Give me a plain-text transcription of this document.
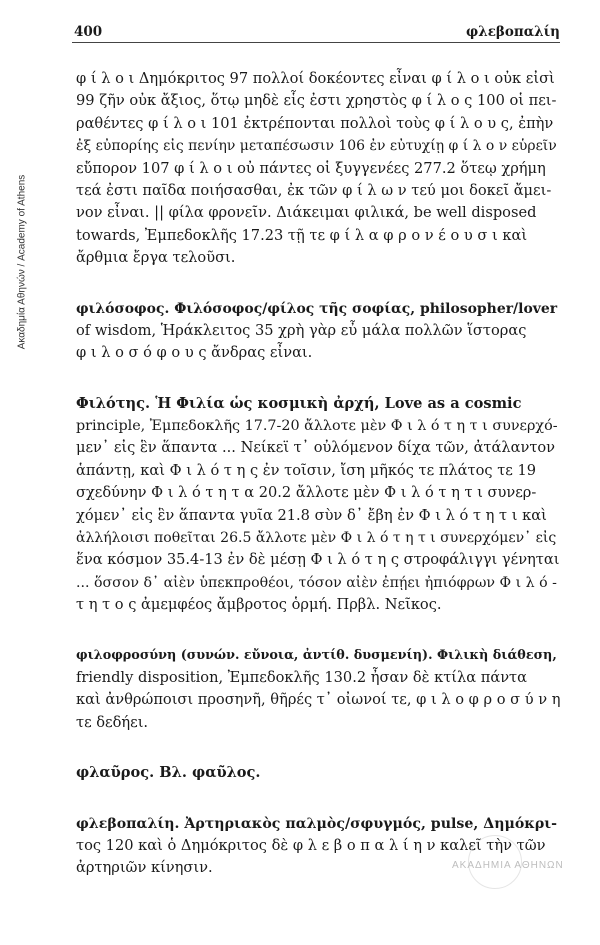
Ακαδημία Αθηνών / Academy of Athens
400	φλεβοπαλίη
φ ί λ ο ι Δημόκριτος 97 πολλοί δοκέοντες εἶναι φ ί λ ο ι οὐκ εἰσὶ
99 ζῆν οὐκ ἄξιος, ὅτῳ μηδὲ εἷς ἐστι χρηστὸς φ ί λ ο ς 100 οἱ πει-
ραθέντες φ ί λ ο ι 101 ἐκτρέπονται πολλοὶ τοὺς φ ί λ ο υ ς, ἐπὴν
ἐξ εὐπορίης εἰς πενίην μεταπέσωσιν 106 ἐν εὐτυχίῃ φ ί λ ο ν εὑρεῖν
εὔπορον 107 φ ί λ ο ι οὐ πάντες οἱ ξυγγενέες 277.2 ὅτεῳ χρήμη
τεά ἐστι παῖδα ποιήσασθαι, ἐκ τῶν φ ί λ ω ν τεύ μοι δοκεῖ ἄμει-
νον εἶναι. || φίλα φρονεῖν. Διάκειμαι φιλικά, be well disposed
towards, Ἐμπεδοκλῆς 17.23 τῇ τε φ ί λ α φ ρ ο ν έ ο υ σ ι καὶ
ἄρθμια ἔργα τελοῦσι.
φιλόσοφος. Φιλόσοφος/φίλος τῆς σοφίας, philosopher/lover
of wisdom, Ἡράκλειτος 35 χρὴ γὰρ εὖ μάλα πολλῶν ἵστορας
φ ι λ ο σ ό φ ο υ ς ἄνδρας εἶναι.
Φιλότης. Ἡ Φιλία ὡς κοσμικὴ ἀρχή, Love as a cosmic
principle, Ἐμπεδοκλῆς 17.7-20 ἄλλοτε μὲν Φ ι λ ό τ η τ ι συνερχό-
μεν᾽ εἰς ἓν ἅπαντα ... Νείκεϊ τ᾽ οὐλόμενον δίχα τῶν, ἀτάλαντον
ἁπάντῃ, καὶ Φ ι λ ό τ η ς ἐν τοῖσιν, ἴση μῆκός τε πλάτος τε 19
σχεδύνην Φ ι λ ό τ η τ α 20.2 ἄλλοτε μὲν Φ ι λ ό τ η τ ι συνερ-
χόμεν᾽ εἰς ἓν ἅπαντα γυῖα 21.8 σὺν δ᾽ ἔβη ἐν Φ ι λ ό τ η τ ι καὶ
ἀλλήλοισι ποθεῖται 26.5 ἄλλοτε μὲν Φ ι λ ό τ η τ ι συνερχόμεν᾽ εἰς
ἕνα κόσμον 35.4-13 ἐν δὲ μέσῃ Φ ι λ ό τ η ς στροφάλιγγι γένηται
... ὅσσον δ᾽ αἰὲν ὑπεκπροθέοι, τόσον αἰὲν ἐπῄει ἠπιόφρων Φ ι λ ό -
τ η τ ο ς ἀμεμφέος ἄμβροτος ὁρμή. Πρβλ. Νεῖκος.
φιλοφροσύνη (συνών. εὔνοια, ἀντίθ. δυσμενίη). Φιλικὴ διάθεση,
friendly disposition, Ἐμπεδοκλῆς 130.2 ἦσαν δὲ κτίλα πάντα
καὶ ἀνθρώποισι προσηνῆ, θῆρές τ᾽ οἰωνοί τε, φ ι λ ο φ ρ ο σ ύ ν η
τε δεδήει.
φλαῦρος. Βλ. φαῦλος.
φλεβοπαλίη. Ἀρτηριακὸς παλμὸς/σφυγμός, pulse, Δημόκρι-
τος 120 καὶ ὁ Δημόκριτος δὲ φ λ ε β ο π α λ ί η ν καλεῖ τὴν τῶν
ἀρτηριῶν κίνησιν.	ΑΚΑΔΗΜΙΑ ΑΘΗΝΩΝ
